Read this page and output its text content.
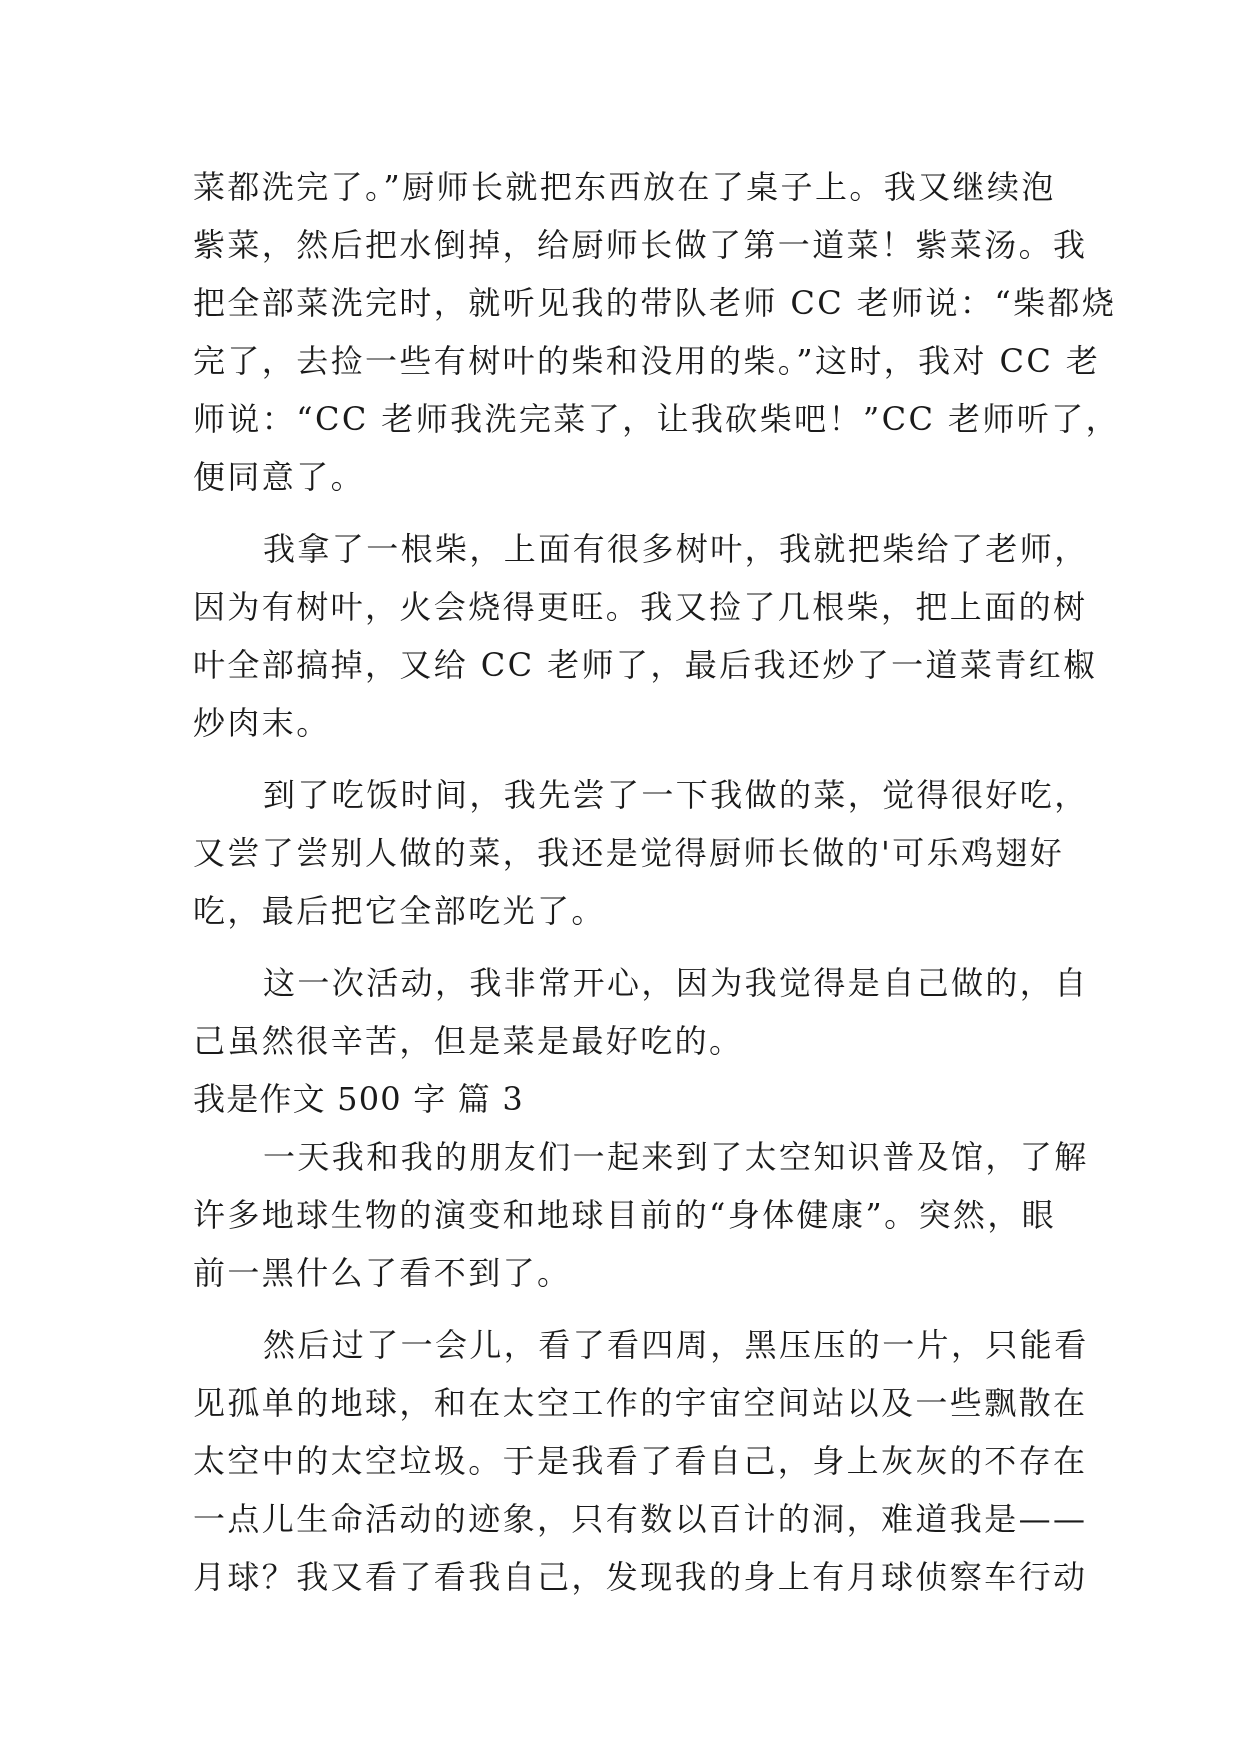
菜都洗完了。”厨师长就把东西放在了桌子上。我又继续泡
紫菜，然后把水倒掉，给厨师长做了第一道菜！紫菜汤。我
把全部菜洗完时，就听见我的带队老师 CC 老师说：“柴都烧
完了，去捡一些有树叶的柴和没用的柴。”这时，我对 CC 老
师说：“CC 老师我洗完菜了，让我砍柴吧！”CC 老师听了，
便同意了。
我拿了一根柴，上面有很多树叶，我就把柴给了老师，
因为有树叶，火会烧得更旺。我又捡了几根柴，把上面的树
叶全部搞掉，又给 CC 老师了，最后我还炒了一道菜青红椒
炒肉末。
到了吃饭时间，我先尝了一下我做的菜，觉得很好吃，
又尝了尝别人做的菜，我还是觉得厨师长做的'可乐鸡翅好
吃，最后把它全部吃光了。
这一次活动，我非常开心，因为我觉得是自己做的，自
己虽然很辛苦，但是菜是最好吃的。
我是作文 500 字 篇 3
一天我和我的朋友们一起来到了太空知识普及馆，了解
许多地球生物的演变和地球目前的“身体健康”。突然，眼
前一黑什么了看不到了。
然后过了一会儿，看了看四周，黑压压的一片，只能看
见孤单的地球，和在太空工作的宇宙空间站以及一些飘散在
太空中的太空垃圾。于是我看了看自己，身上灰灰的不存在
一点儿生命活动的迹象，只有数以百计的洞，难道我是——
月球？我又看了看我自己，发现我的身上有月球侦察车行动
